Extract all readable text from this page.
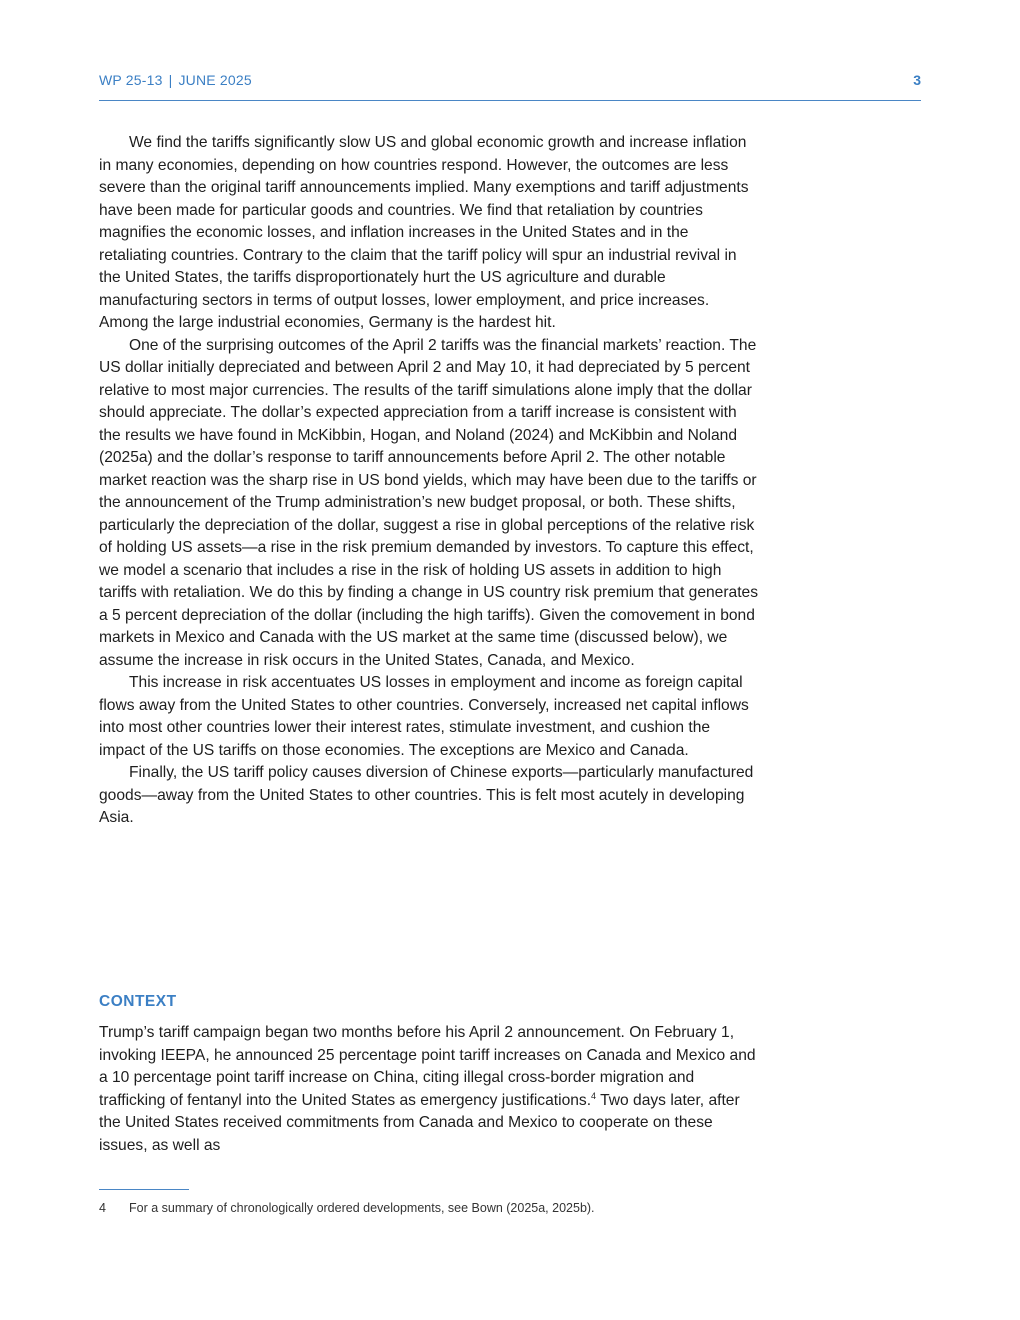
WP 25-13 | JUNE 2025	3

We find the tariffs significantly slow US and global economic growth and increase inflation in many economies, depending on how countries respond. However, the outcomes are less severe than the original tariff announcements implied. Many exemptions and tariff adjustments have been made for particular goods and countries. We find that retaliation by countries magnifies the economic losses, and inflation increases in the United States and in the retaliating countries. Contrary to the claim that the tariff policy will spur an industrial revival in the United States, the tariffs disproportionately hurt the US agriculture and durable manufacturing sectors in terms of output losses, lower employment, and price increases. Among the large industrial economies, Germany is the hardest hit.

One of the surprising outcomes of the April 2 tariffs was the financial markets’ reaction. The US dollar initially depreciated and between April 2 and May 10, it had depreciated by 5 percent relative to most major currencies. The results of the tariff simulations alone imply that the dollar should appreciate. The dollar’s expected appreciation from a tariff increase is consistent with the results we have found in McKibbin, Hogan, and Noland (2024) and McKibbin and Noland (2025a) and the dollar’s response to tariff announcements before April 2. The other notable market reaction was the sharp rise in US bond yields, which may have been due to the tariffs or the announcement of the Trump administration’s new budget proposal, or both. These shifts, particularly the depreciation of the dollar, suggest a rise in global perceptions of the relative risk of holding US assets—a rise in the risk premium demanded by investors. To capture this effect, we model a scenario that includes a rise in the risk of holding US assets in addition to high tariffs with retaliation. We do this by finding a change in US country risk premium that generates a 5 percent depreciation of the dollar (including the high tariffs). Given the comovement in bond markets in Mexico and Canada with the US market at the same time (discussed below), we assume the increase in risk occurs in the United States, Canada, and Mexico.

This increase in risk accentuates US losses in employment and income as foreign capital flows away from the United States to other countries. Conversely, increased net capital inflows into most other countries lower their interest rates, stimulate investment, and cushion the impact of the US tariffs on those economies. The exceptions are Mexico and Canada.

Finally, the US tariff policy causes diversion of Chinese exports—particularly manufactured goods—away from the United States to other countries. This is felt most acutely in developing Asia.

CONTEXT

Trump’s tariff campaign began two months before his April 2 announcement. On February 1, invoking IEEPA, he announced 25 percentage point tariff increases on Canada and Mexico and a 10 percentage point tariff increase on China, citing illegal cross-border migration and trafficking of fentanyl into the United States as emergency justifications.$^4$ Two days later, after the United States received commitments from Canada and Mexico to cooperate on these issues, as well as

4 For a summary of chronologically ordered developments, see Bown (2025a, 2025b).
